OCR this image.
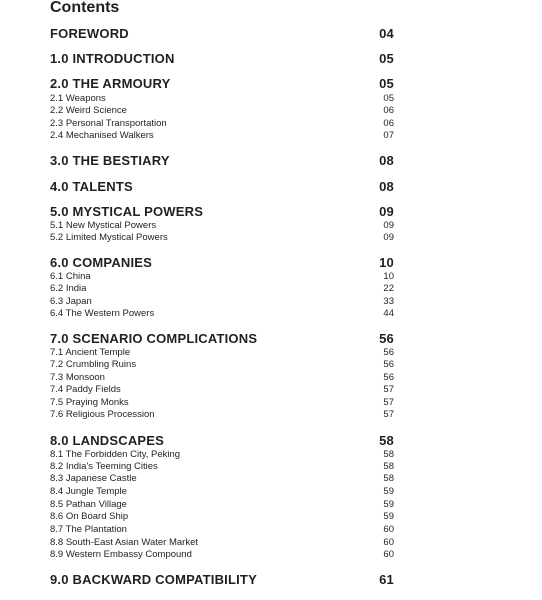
Contents
FOREWORD	04
1.0 INTRODUCTION	05
2.0 THE ARMOURY	05
2.1 Weapons	05
2.2 Weird Science	06
2.3 Personal Transportation	06
2.4 Mechanised Walkers	07
3.0 THE BESTIARY	08
4.0 TALENTS	08
5.0 MYSTICAL POWERS	09
5.1 New Mystical Powers	09
5.2 Limited Mystical Powers	09
6.0 COMPANIES	10
6.1 China	10
6.2 India	22
6.3 Japan	33
6.4 The Western Powers	44
7.0 SCENARIO COMPLICATIONS	56
7.1 Ancient Temple	56
7.2 Crumbling Ruins	56
7.3 Monsoon	56
7.4 Paddy Fields	57
7.5 Praying Monks	57
7.6 Religious Procession	57
8.0 LANDSCAPES	58
8.1 The Forbidden City, Peking	58
8.2 India's Teeming Cities	58
8.3 Japanese Castle	58
8.4 Jungle Temple	59
8.5 Pathan Village	59
8.6 On Board Ship	59
8.7 The Plantation	60
8.8 South-East Asian Water Market	60
8.9 Western Embassy Compound	60
9.0 BACKWARD COMPATIBILITY	61
